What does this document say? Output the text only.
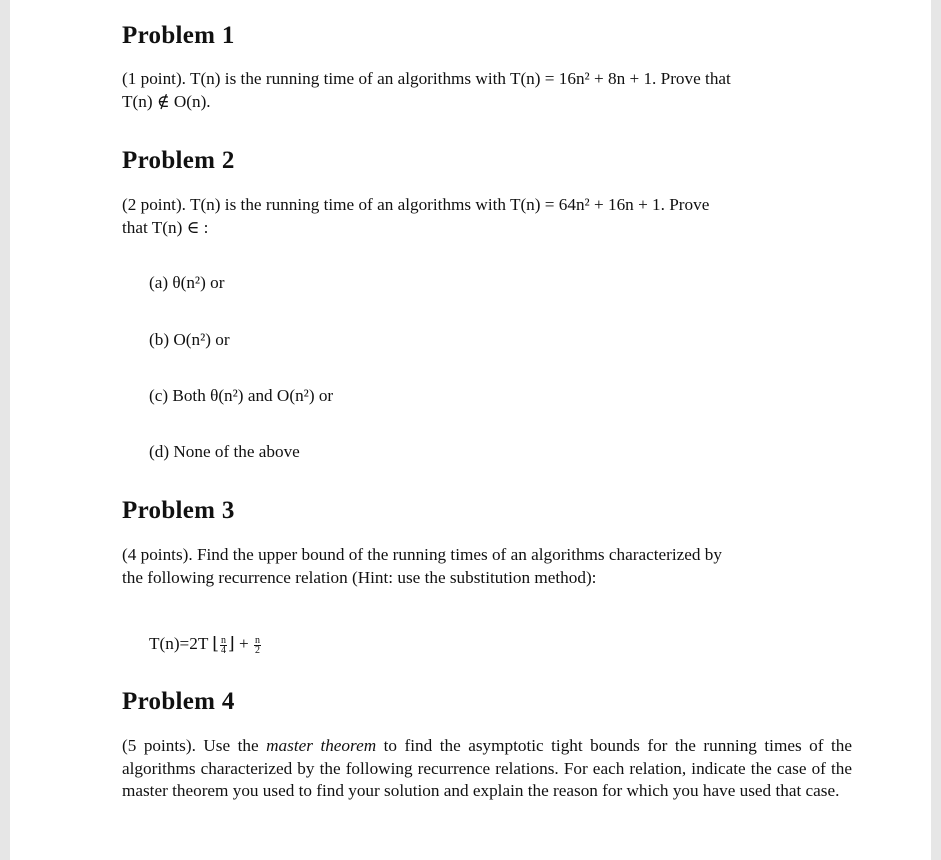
Problem 1

(1 point). T(n) is the running time of an algorithms with T(n) = 16n² + 8n + 1. Prove that
T(n) ∉ O(n).

Problem 2

(2 point). T(n) is the running time of an algorithms with T(n) = 64n² + 16n + 1. Prove
that T(n) ∈ :

(a) θ(n²) or

(b) O(n²) or

(c) Both θ(n²) and O(n²) or

(d) None of the above

Problem 3

(4 points). Find the upper bound of the running times of an algorithms characterized by
the following recurrence relation (Hint: use the substitution method):

T(n)=2T ⌊ $\frac{n}{4}$ ⌋ + $\frac{n}{2}$

Problem 4

(5 points). Use the master theorem to find the asymptotic tight bounds for the running times of the algorithms characterized by the following recurrence relations. For each relation, indicate the case of the master theorem you used to find your solution and explain the reason for which you have used that case.
